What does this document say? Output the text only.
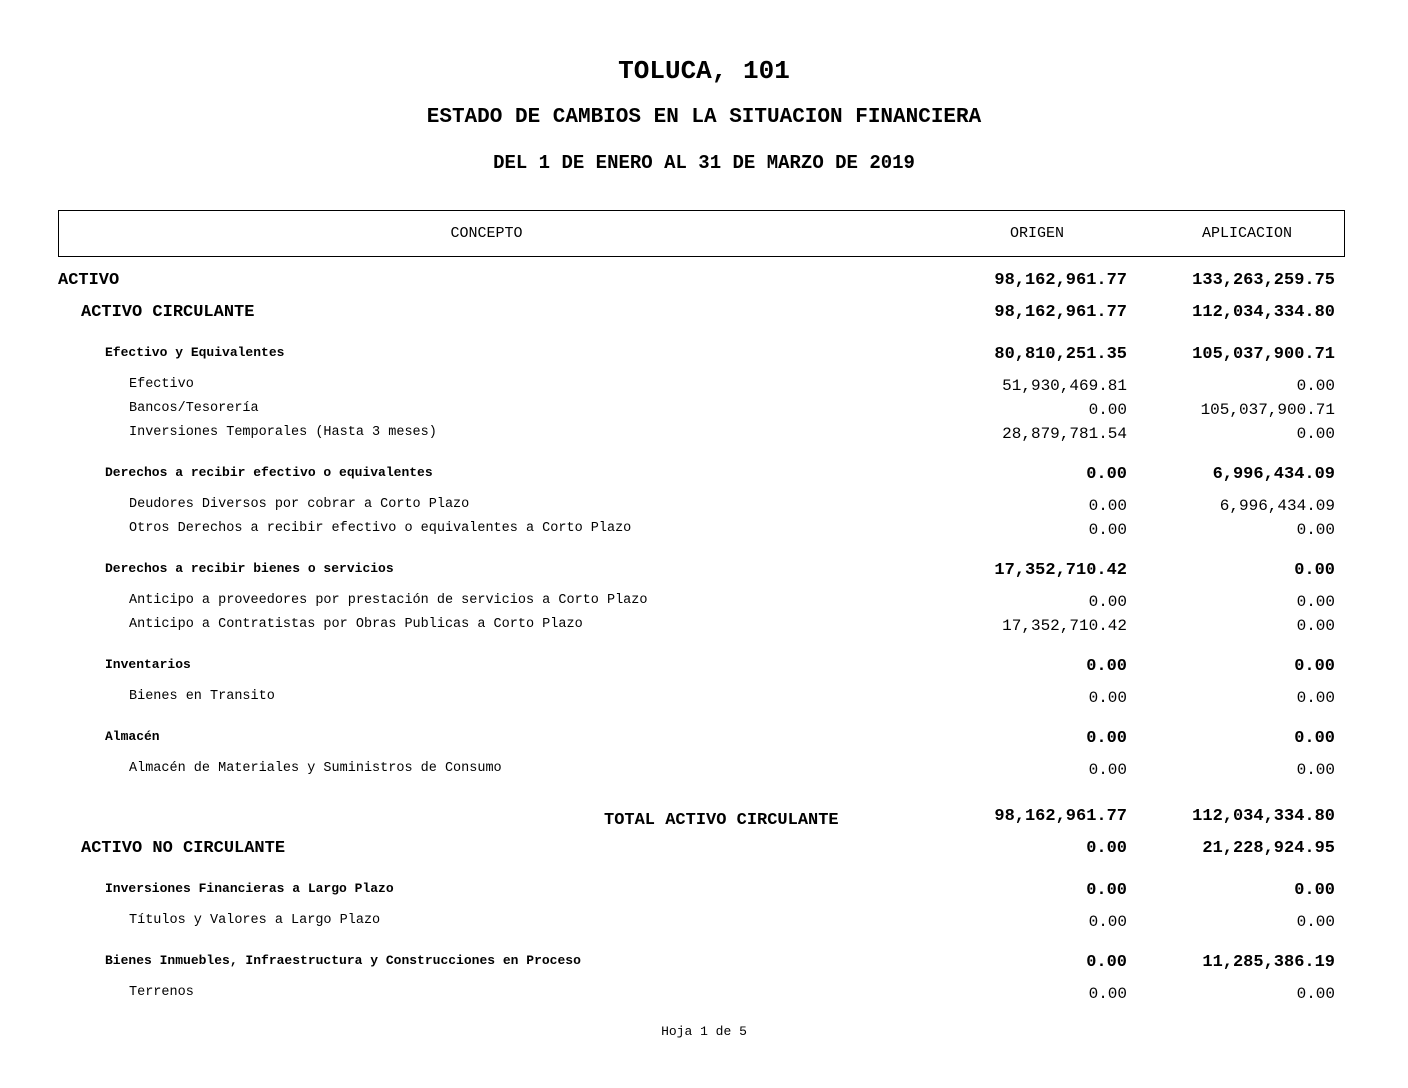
TOLUCA, 101
ESTADO DE CAMBIOS EN LA SITUACION FINANCIERA
DEL 1 DE ENERO AL 31 DE MARZO DE 2019
CONCEPTO	ORIGEN	APLICACION
ACTIVO	98,162,961.77	133,263,259.75
ACTIVO CIRCULANTE	98,162,961.77	112,034,334.80
Efectivo y Equivalentes	80,810,251.35	105,037,900.71
Efectivo	51,930,469.81	0.00
Bancos/Tesorería	0.00	105,037,900.71
Inversiones Temporales (Hasta 3 meses)	28,879,781.54	0.00
Derechos a recibir efectivo o equivalentes	0.00	6,996,434.09
Deudores Diversos por cobrar a Corto Plazo	0.00	6,996,434.09
Otros Derechos a recibir efectivo o equivalentes a Corto Plazo	0.00	0.00
Derechos a recibir bienes o servicios	17,352,710.42	0.00
Anticipo a proveedores por prestación de servicios a Corto Plazo	0.00	0.00
Anticipo a Contratistas por Obras Publicas a Corto Plazo	17,352,710.42	0.00
Inventarios	0.00	0.00
Bienes en Transito	0.00	0.00
Almacén	0.00	0.00
Almacén de Materiales y Suministros de Consumo	0.00	0.00
TOTAL ACTIVO CIRCULANTE	98,162,961.77	112,034,334.80
ACTIVO NO CIRCULANTE	0.00	21,228,924.95
Inversiones Financieras a Largo Plazo	0.00	0.00
Títulos y Valores a Largo Plazo	0.00	0.00
Bienes Inmuebles, Infraestructura y Construcciones en Proceso	0.00	11,285,386.19
Terrenos	0.00	0.00
Hoja 1 de 5
